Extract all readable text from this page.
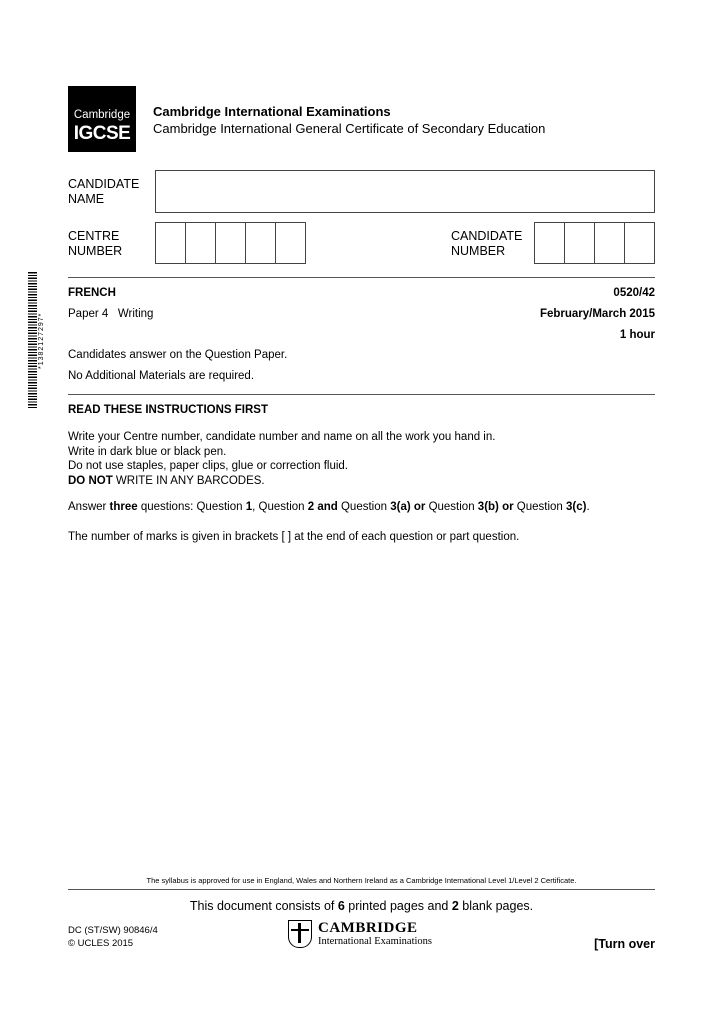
Cambridge
IGCSE
Cambridge International Examinations
Cambridge International General Certificate of Secondary Education
CANDIDATE
NAME
CENTRE
NUMBER
CANDIDATE
NUMBER
*1382127297*
FRENCH	0520/42
Paper 4 Writing	February/March 2015
1 hour
Candidates answer on the Question Paper.
No Additional Materials are required.
READ THESE INSTRUCTIONS FIRST
Write your Centre number, candidate number and name on all the work you hand in.
Write in dark blue or black pen.
Do not use staples, paper clips, glue or correction fluid.
DO NOT WRITE IN ANY BARCODES.
Answer three questions: Question 1, Question 2 and Question 3(a) or Question 3(b) or Question 3(c).
The number of marks is given in brackets [ ] at the end of each question or part question.
The syllabus is approved for use in England, Wales and Northern Ireland as a Cambridge International Level 1/Level 2 Certificate.
This document consists of 6 printed pages and 2 blank pages.
DC (ST/SW) 90846/4
© UCLES 2015
CAMBRIDGE
International Examinations	[Turn over
